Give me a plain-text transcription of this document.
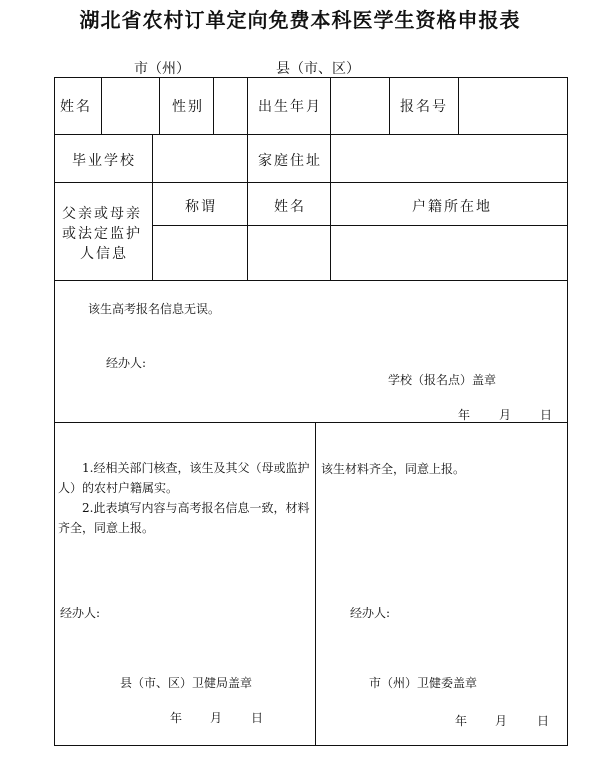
湖北省农村订单定向免费本科医学生资格申报表
市（州）	县（市、区）
姓名	性别	出生年月	报名号
毕业学校	家庭住址
父亲或母亲
或法定监护
人信息
称谓	姓名	户籍所在地
该生高考报名信息无误。
经办人:
学校（报名点）盖章
年 月 日

1.经相关部门核查，该生及其父（母或监护人）的农村户籍属实。

2.此表填写内容与高考报名信息一致，材料齐全，同意上报。

经办人:
县（市、区）卫健局盖章
年 月 日
该生材料齐全，同意上报。
经办人:
市（州）卫健委盖章
年 月 日
